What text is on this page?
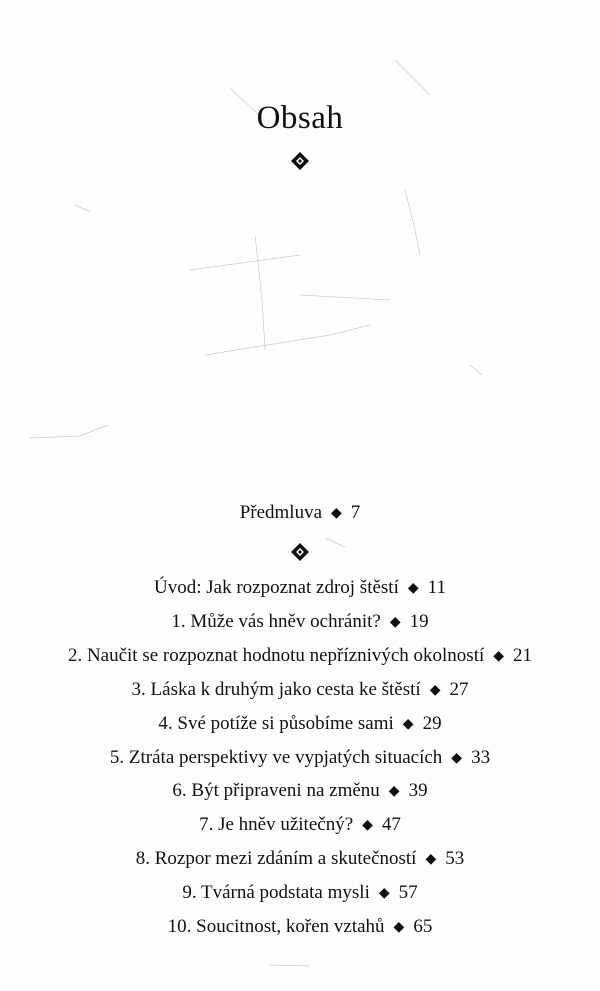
Obsah
Předmluva ◆ 7
Úvod: Jak rozpoznat zdroj štěstí ◆ 11
1. Může vás hněv ochránit? ◆ 19
2. Naučit se rozpoznat hodnotu nepříznivých okolností ◆ 21
3. Láska k druhým jako cesta ke štěstí ◆ 27
4. Své potíže si působíme sami ◆ 29
5. Ztráta perspektivy ve vypjatých situacích ◆ 33
6. Být připraveni na změnu ◆ 39
7. Je hněv užitečný? ◆ 47
8. Rozpor mezi zdáním a skutečností ◆ 53
9. Tvárná podstata mysli ◆ 57
10. Soucitnost, kořen vztahů ◆ 65
